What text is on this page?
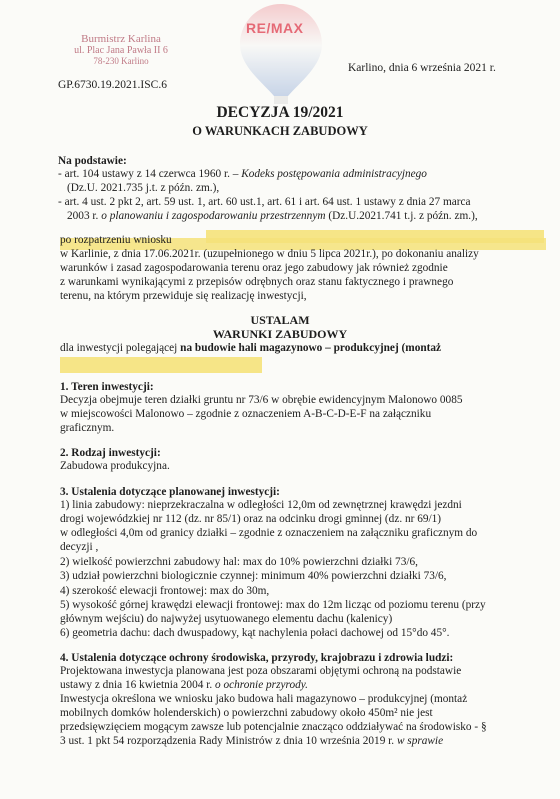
RE/MAX
Burmistrz Karlina
ul. Plac Jana Pawła II 6
78-230 Karlino
Karlino, dnia 6 września 2021 r.
GP.6730.19.2021.ISC.6
DECYZJA 19/2021
O WARUNKACH ZABUDOWY
Na podstawie:
- art. 104 ustawy z 14 czerwca 1960 r. – Kodeks postępowania administracyjnego
(Dz.U. 2021.735 j.t. z późn. zm.),
- art. 4 ust. 2 pkt 2, art. 59 ust. 1, art. 60 ust.1, art. 61 i art. 64 ust. 1 ustawy z dnia 27 marca
2003 r. o planowaniu i zagospodarowaniu przestrzennym (Dz.U.2021.741 t.j. z późn. zm.),
po rozpatrzeniu wniosku
w Karlinie, z dnia 17.06.2021r. (uzupełnionego w dniu 5 lipca 2021r.), po dokonaniu analizy
warunków i zasad zagospodarowania terenu oraz jego zabudowy jak również zgodnie
z warunkami wynikającymi z przepisów odrębnych oraz stanu faktycznego i prawnego
terenu, na którym przewiduje się realizację inwestycji,
USTALAM
WARUNKI ZABUDOWY
dla inwestycji polegającej na budowie hali magazynowo – produkcyjnej (montaż
1. Teren inwestycji:
Decyzja obejmuje teren działki gruntu nr 73/6 w obrębie ewidencyjnym Malonowo 0085
w miejscowości Malonowo – zgodnie z oznaczeniem A-B-C-D-E-F na załączniku
graficznym.
2. Rodzaj inwestycji:
Zabudowa produkcyjna.
3. Ustalenia dotyczące planowanej inwestycji:
1) linia zabudowy: nieprzekraczalna w odległości 12,0m od zewnętrznej krawędzi jezdni
drogi wojewódzkiej nr 112 (dz. nr 85/1) oraz na odcinku drogi gminnej (dz. nr 69/1)
w odległości 4,0m od granicy działki – zgodnie z oznaczeniem na załączniku graficznym do
decyzji ,
2) wielkość powierzchni zabudowy hal: max do 10% powierzchni działki 73/6,
3) udział powierzchni biologicznie czynnej: minimum 40% powierzchni działki 73/6,
4) szerokość elewacji frontowej: max do 30m,
5) wysokość górnej krawędzi elewacji frontowej: max do 12m licząc od poziomu terenu (przy
głównym wejściu) do najwyżej usytuowanego elementu dachu (kalenicy)
6) geometria dachu: dach dwuspadowy, kąt nachylenia połaci dachowej od 15°do 45°.
4. Ustalenia dotyczące ochrony środowiska, przyrody, krajobrazu i zdrowia ludzi:
Projektowana inwestycja planowana jest poza obszarami objętymi ochroną na podstawie
ustawy z dnia 16 kwietnia 2004 r. o ochronie przyrody.
Inwestycja określona we wniosku jako budowa hali magazynowo – produkcyjnej (montaż
mobilnych domków holenderskich) o powierzchni zabudowy około 450m² nie jest
przedsięwzięciem mogącym zawsze lub potencjalnie znacząco oddziaływać na środowisko - §
3 ust. 1 pkt 54 rozporządzenia Rady Ministrów z dnia 10 września 2019 r. w sprawie
